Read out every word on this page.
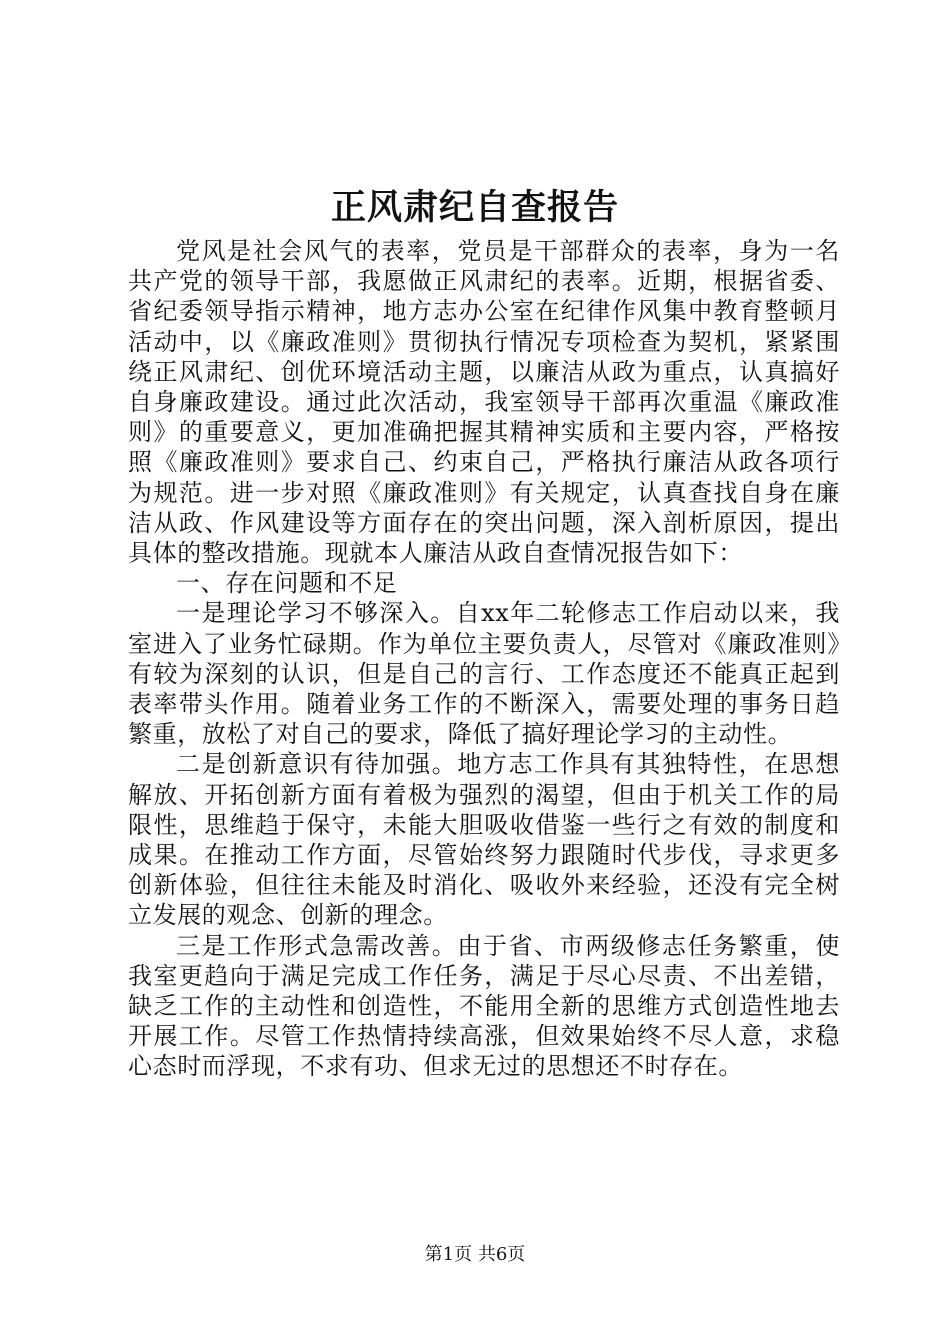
正风肃纪自查报告

党风是社会风气的表率，党员是干部群众的表率，身为一名共产党的领导干部，我愿做正风肃纪的表率。近期，根据省委、省纪委领导指示精神，地方志办公室在纪律作风集中教育整顿月活动中，以《廉政准则》贯彻执行情况专项检查为契机，紧紧围绕正风肃纪、创优环境活动主题，以廉洁从政为重点，认真搞好自身廉政建设。通过此次活动，我室领导干部再次重温《廉政准则》的重要意义，更加准确把握其精神实质和主要内容，严格按照《廉政准则》要求自己、约束自己，严格执行廉洁从政各项行为规范。进一步对照《廉政准则》有关规定，认真查找自身在廉洁从政、作风建设等方面存在的突出问题，深入剖析原因，提出具体的整改措施。现就本人廉洁从政自查情况报告如下：

一、存在问题和不足

一是理论学习不够深入。自xx年二轮修志工作启动以来，我室进入了业务忙碌期。作为单位主要负责人，尽管对《廉政准则》有较为深刻的认识，但是自己的言行、工作态度还不能真正起到表率带头作用。随着业务工作的不断深入，需要处理的事务日趋繁重，放松了对自己的要求，降低了搞好理论学习的主动性。

二是创新意识有待加强。地方志工作具有其独特性，在思想解放、开拓创新方面有着极为强烈的渴望，但由于机关工作的局限性，思维趋于保守，未能大胆吸收借鉴一些行之有效的制度和成果。在推动工作方面，尽管始终努力跟随时代步伐，寻求更多创新体验，但往往未能及时消化、吸收外来经验，还没有完全树立发展的观念、创新的理念。

三是工作形式急需改善。由于省、市两级修志任务繁重，使我室更趋向于满足完成工作任务，满足于尽心尽责、不出差错，缺乏工作的主动性和创造性，不能用全新的思维方式创造性地去开展工作。尽管工作热情持续高涨，但效果始终不尽人意，求稳心态时而浮现，不求有功、但求无过的思想还不时存在。

第1页 共6页
